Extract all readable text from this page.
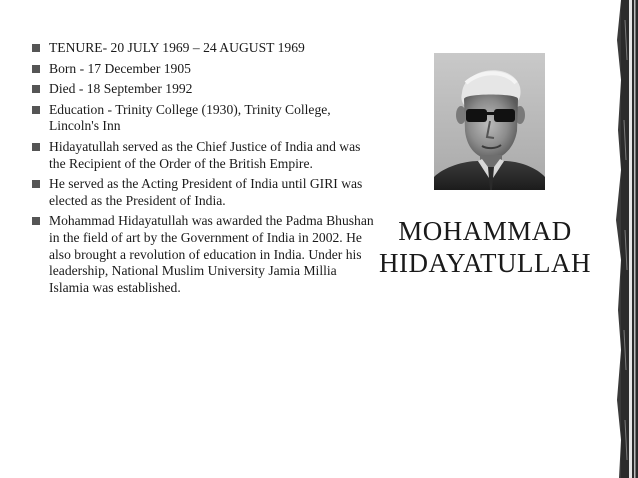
TENURE- 20 JULY 1969 – 24 AUGUST 1969
Born - 17 December 1905
Died - 18 September 1992
Education - Trinity College (1930), Trinity College, Lincoln's Inn
Hidayatullah served as the Chief Justice of India and was the Recipient of the Order of the British Empire.
He served as the Acting President of India until GIRI was elected as the President of India.
Mohammad Hidayatullah was awarded the Padma Bhushan in the field of art by the Government of India in 2002. He also brought a revolution of education in India. Under his leadership, National Muslim University Jamia Millia Islamia was established.
MOHAMMAD
HIDAYATULLAH
